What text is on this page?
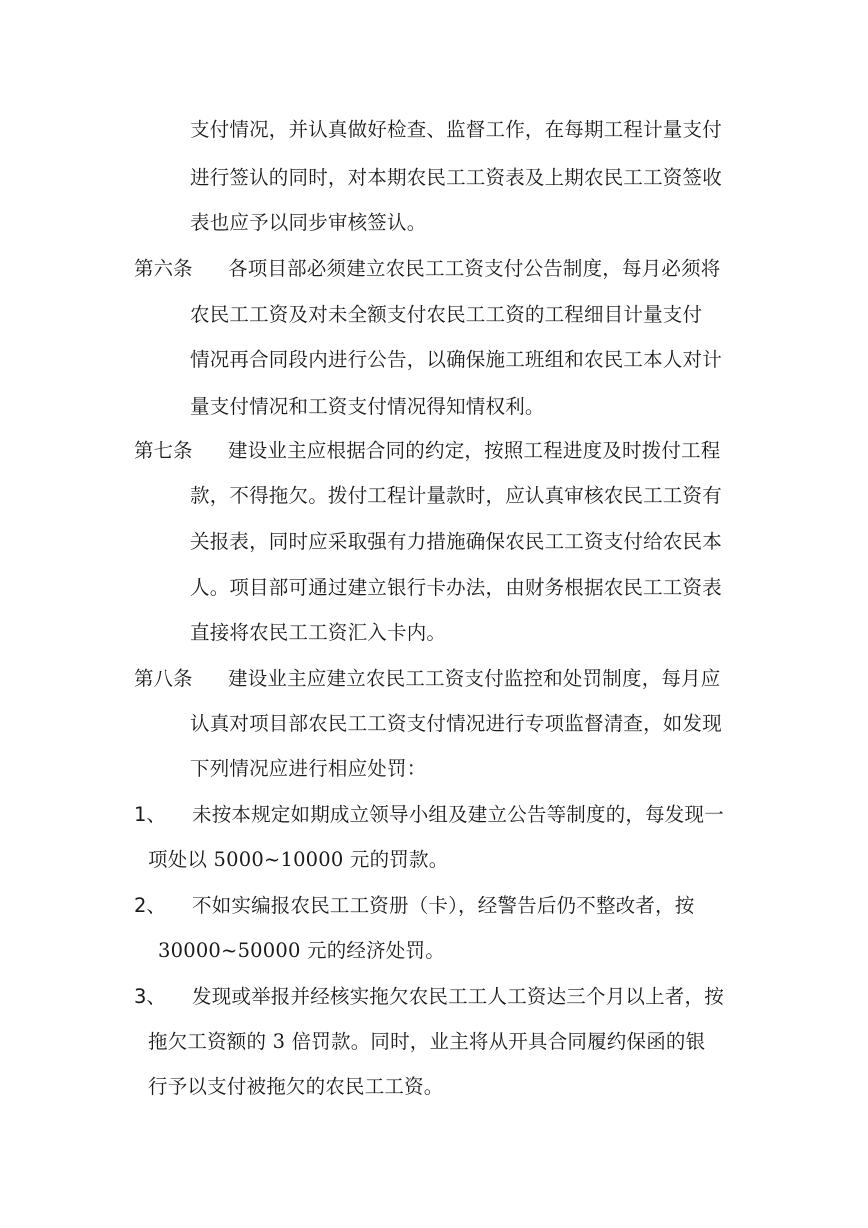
支付情况，并认真做好检查、监督工作，在每期工程计量支付
进行签认的同时，对本期农民工工资表及上期农民工工资签收
表也应予以同步审核签认。
第六条 各项目部必须建立农民工工资支付公告制度，每月必须将
农民工工资及对未全额支付农民工工资的工程细目计量支付
情况再合同段内进行公告，以确保施工班组和农民工本人对计
量支付情况和工资支付情况得知情权利。
第七条 建设业主应根据合同的约定，按照工程进度及时拨付工程
款，不得拖欠。拨付工程计量款时，应认真审核农民工工资有
关报表，同时应采取强有力措施确保农民工工资支付给农民本
人。项目部可通过建立银行卡办法，由财务根据农民工工资表
直接将农民工工资汇入卡内。
第八条 建设业主应建立农民工工资支付监控和处罚制度，每月应
认真对项目部农民工工资支付情况进行专项监督清查，如发现
下列情况应进行相应处罚：
1、 未按本规定如期成立领导小组及建立公告等制度的，每发现一
项处以 5000~10000 元的罚款。
2、 不如实编报农民工工资册（卡），经警告后仍不整改者，按
30000~50000 元的经济处罚。
3、 发现或举报并经核实拖欠农民工工人工资达三个月以上者，按
拖欠工资额的 3 倍罚款。同时，业主将从开具合同履约保函的银
行予以支付被拖欠的农民工工资。
